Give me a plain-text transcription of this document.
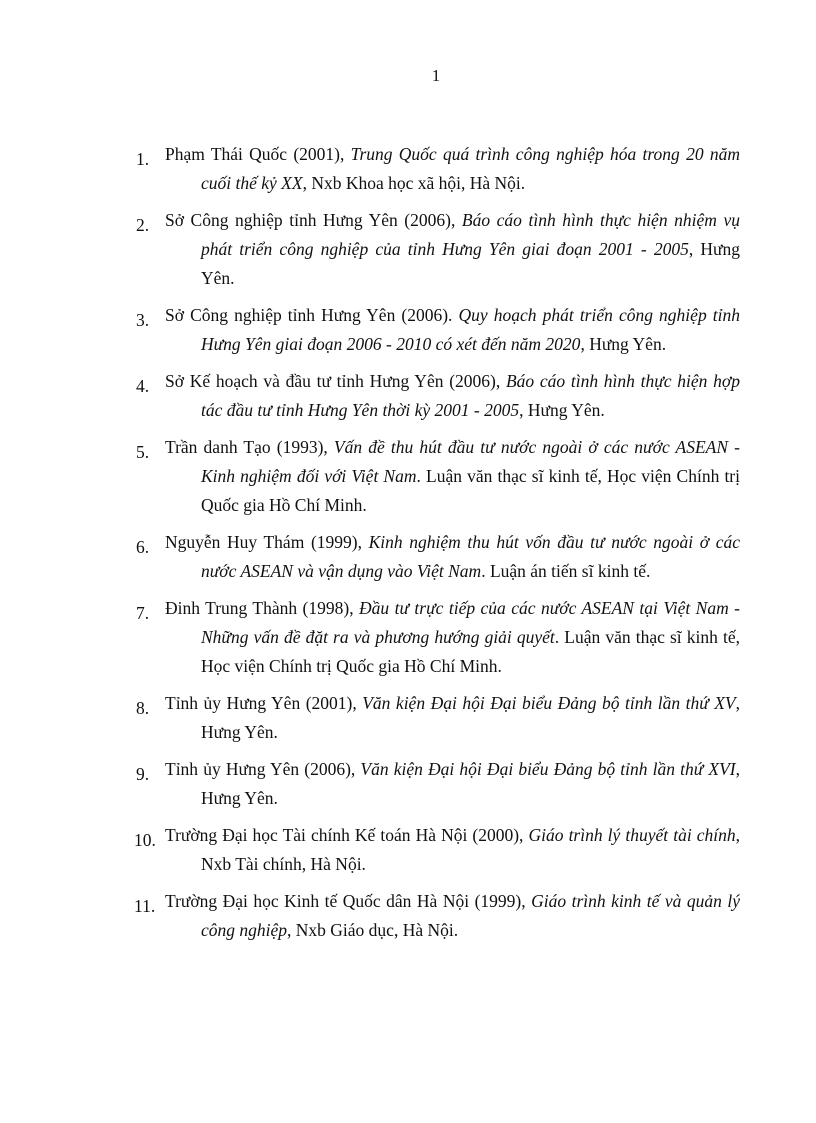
1
1. Phạm Thái Quốc (2001), Trung Quốc quá trình công nghiệp hóa trong 20 năm cuối thế kỷ XX, Nxb Khoa học xã hội, Hà Nội.
2. Sở Công nghiệp tỉnh Hưng Yên (2006), Báo cáo tình hình thực hiện nhiệm vụ phát triển công nghiệp của tỉnh Hưng Yên giai đoạn 2001 - 2005, Hưng Yên.
3. Sở Công nghiệp tỉnh Hưng Yên (2006). Quy hoạch phát triển công nghiệp tỉnh Hưng Yên giai đoạn 2006 - 2010 có xét đến năm 2020, Hưng Yên.
4. Sở Kế hoạch và đầu tư tỉnh Hưng Yên (2006), Báo cáo tình hình thực hiện hợp tác đầu tư tỉnh Hưng Yên thời kỳ 2001 - 2005, Hưng Yên.
5. Trần danh Tạo (1993), Vấn đề thu hút đầu tư nước ngoài ở các nước ASEAN - Kinh nghiệm đối với Việt Nam. Luận văn thạc sĩ kinh tế, Học viện Chính trị Quốc gia Hồ Chí Minh.
6. Nguyễn Huy Thám (1999), Kinh nghiệm thu hút vốn đầu tư nước ngoài ở các nước ASEAN và vận dụng vào Việt Nam. Luận án tiến sĩ kinh tế.
7. Đinh Trung Thành (1998), Đầu tư trực tiếp của các nước ASEAN tại Việt Nam - Những vấn đề đặt ra và phương hướng giải quyết. Luận văn thạc sĩ kinh tế, Học viện Chính trị Quốc gia Hồ Chí Minh.
8. Tỉnh ủy Hưng Yên (2001), Văn kiện Đại hội Đại biểu Đảng bộ tỉnh lần thứ XV, Hưng Yên.
9. Tỉnh ủy Hưng Yên (2006), Văn kiện Đại hội Đại biểu Đảng bộ tỉnh lần thứ XVI, Hưng Yên.
10. Trường Đại học Tài chính Kế toán Hà Nội (2000), Giáo trình lý thuyết tài chính, Nxb Tài chính, Hà Nội.
11. Trường Đại học Kinh tế Quốc dân Hà Nội (1999), Giáo trình kinh tế và quản lý công nghiệp, Nxb Giáo dục, Hà Nội.
